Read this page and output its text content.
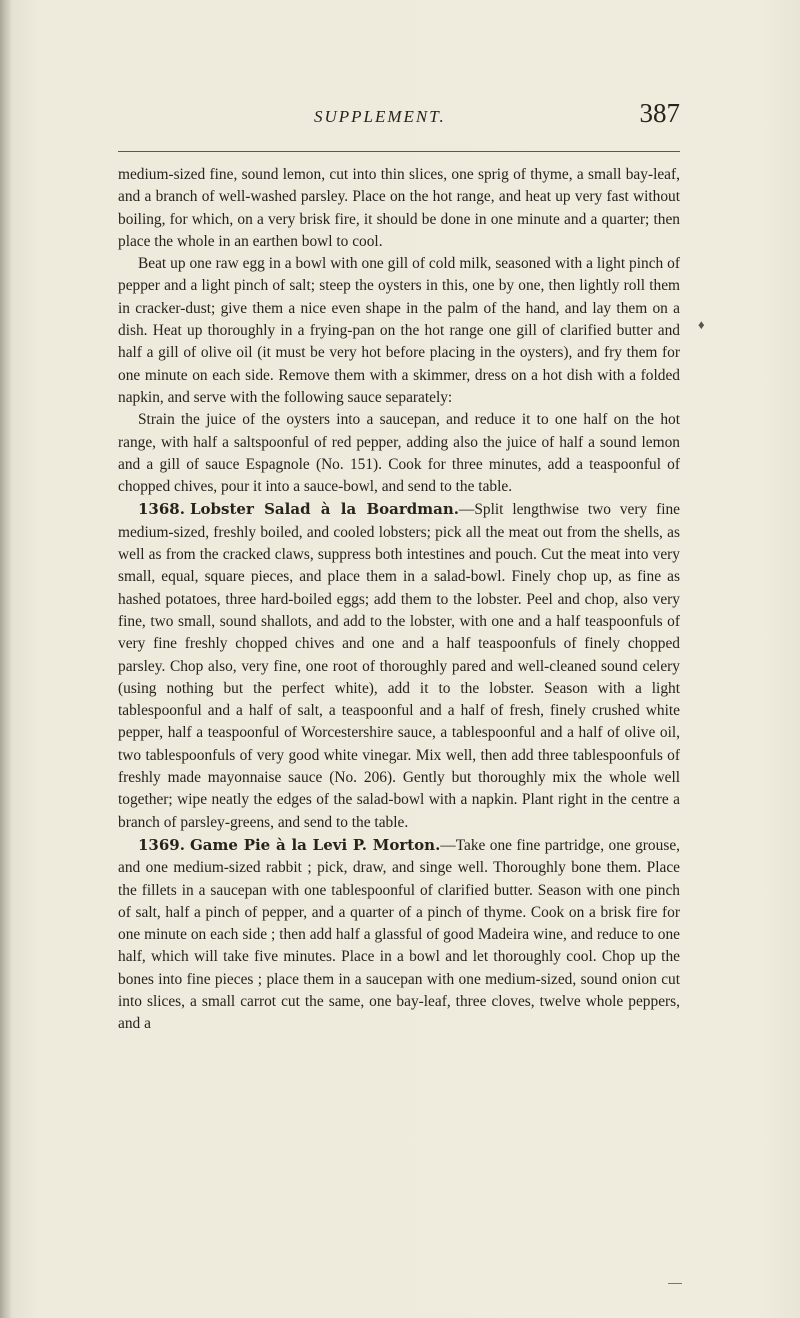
SUPPLEMENT.	387
♦

medium-sized fine, sound lemon, cut into thin slices, one sprig of thyme, a small bay-leaf, and a branch of well-washed parsley. Place on the hot range, and heat up very fast without boiling, for which, on a very brisk fire, it should be done in one minute and a quarter; then place the whole in an earthen bowl to cool.

Beat up one raw egg in a bowl with one gill of cold milk, seasoned with a light pinch of pepper and a light pinch of salt; steep the oysters in this, one by one, then lightly roll them in cracker-dust; give them a nice even shape in the palm of the hand, and lay them on a dish. Heat up thoroughly in a frying-pan on the hot range one gill of clarified butter and half a gill of olive oil (it must be very hot before placing in the oysters), and fry them for one minute on each side. Remove them with a skimmer, dress on a hot dish with a folded napkin, and serve with the following sauce separately:

Strain the juice of the oysters into a saucepan, and reduce it to one half on the hot range, with half a saltspoonful of red pepper, adding also the juice of half a sound lemon and a gill of sauce Espagnole (No. 151). Cook for three minutes, add a teaspoonful of chopped chives, pour it into a sauce-bowl, and send to the table.

1368. Lobster Salad à la Boardman.—Split lengthwise two very fine medium-sized, freshly boiled, and cooled lobsters; pick all the meat out from the shells, as well as from the cracked claws, suppress both intestines and pouch. Cut the meat into very small, equal, square pieces, and place them in a salad-bowl. Finely chop up, as fine as hashed potatoes, three hard-boiled eggs; add them to the lobster. Peel and chop, also very fine, two small, sound shallots, and add to the lobster, with one and a half teaspoonfuls of very fine freshly chopped chives and one and a half teaspoonfuls of finely chopped parsley. Chop also, very fine, one root of thoroughly pared and well-cleaned sound celery (using nothing but the perfect white), add it to the lobster. Season with a light tablespoonful and a half of salt, a teaspoonful and a half of fresh, finely crushed white pepper, half a teaspoonful of Worcestershire sauce, a tablespoonful and a half of olive oil, two tablespoonfuls of very good white vinegar. Mix well, then add three tablespoonfuls of freshly made mayonnaise sauce (No. 206). Gently but thoroughly mix the whole well together; wipe neatly the edges of the salad-bowl with a napkin. Plant right in the centre a branch of parsley-greens, and send to the table.

1369. Game Pie à la Levi P. Morton.—Take one fine partridge, one grouse, and one medium-sized rabbit ; pick, draw, and singe well. Thoroughly bone them. Place the fillets in a saucepan with one tablespoonful of clarified butter. Season with one pinch of salt, half a pinch of pepper, and a quarter of a pinch of thyme. Cook on a brisk fire for one minute on each side ; then add half a glassful of good Madeira wine, and reduce to one half, which will take five minutes. Place in a bowl and let thoroughly cool. Chop up the bones into fine pieces ; place them in a saucepan with one medium-sized, sound onion cut into slices, a small carrot cut the same, one bay-leaf, three cloves, twelve whole peppers, and a
